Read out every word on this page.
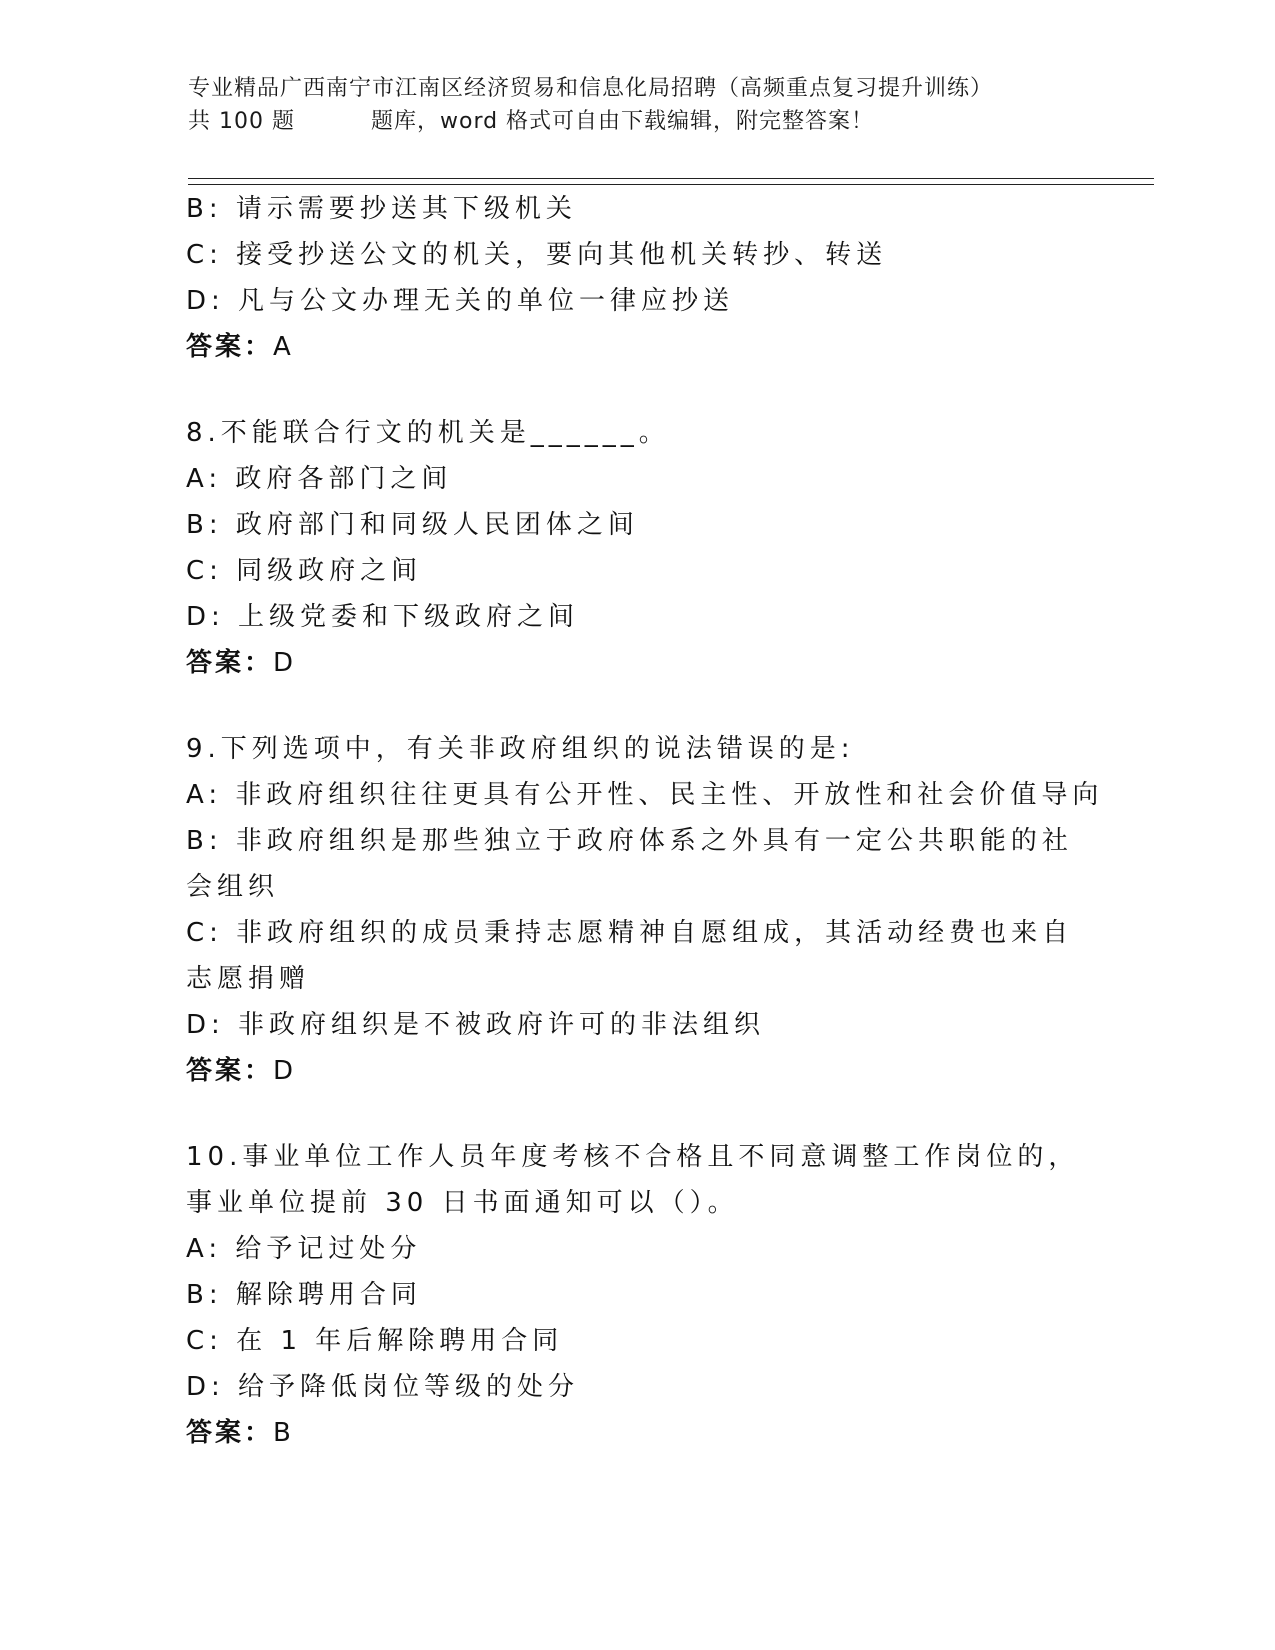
专业精品广西南宁市江南区经济贸易和信息化局招聘（高频重点复习提升训练）
共 100 题	题库，word 格式可自由下载编辑，附完整答案！
B: 请示需要抄送其下级机关
C: 接受抄送公文的机关，要向其他机关转抄、转送
D: 凡与公文办理无关的单位一律应抄送
答案：A
8.不能联合行文的机关是______。
A: 政府各部门之间
B: 政府部门和同级人民团体之间
C: 同级政府之间
D: 上级党委和下级政府之间
答案：D
9.下列选项中，有关非政府组织的说法错误的是:
A: 非政府组织往往更具有公开性、民主性、开放性和社会价值导向
B: 非政府组织是那些独立于政府体系之外具有一定公共职能的社会组织
C: 非政府组织的成员秉持志愿精神自愿组成，其活动经费也来自志愿捐赠
D: 非政府组织是不被政府许可的非法组织
答案：D
10.事业单位工作人员年度考核不合格且不同意调整工作岗位的，事业单位提前 30 日书面通知可以（）。
A: 给予记过处分
B: 解除聘用合同
C: 在 1 年后解除聘用合同
D: 给予降低岗位等级的处分
答案：B
